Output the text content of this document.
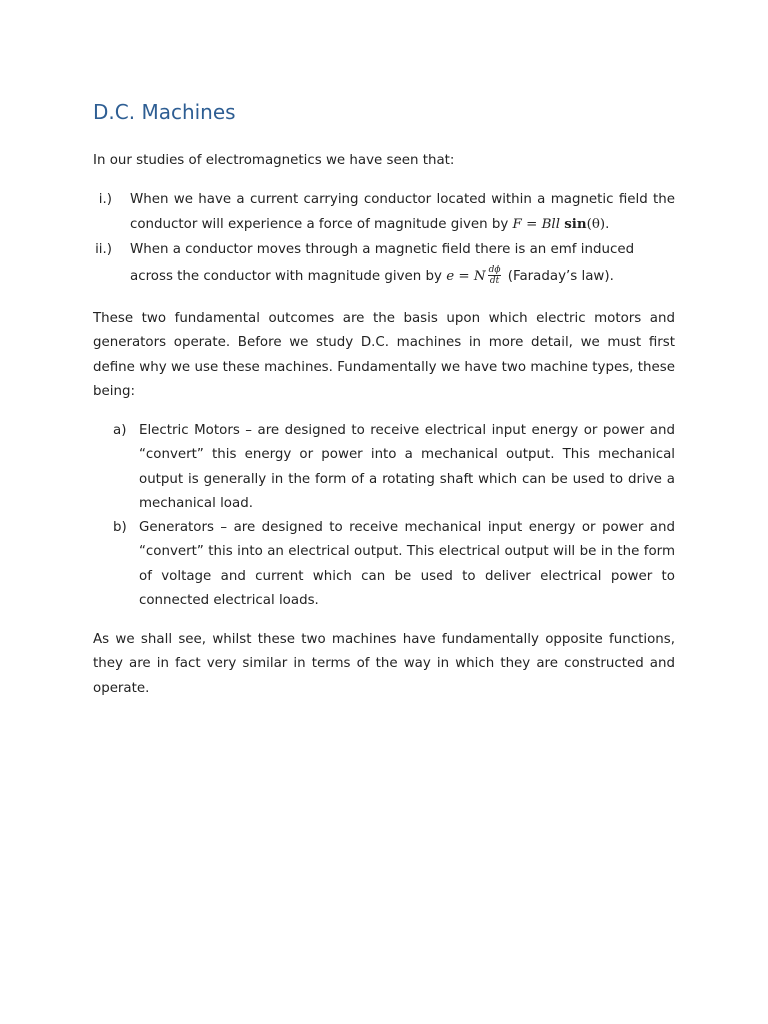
D.C. Machines
In our studies of electromagnetics we have seen that:
i.) When we have a current carrying conductor located within a magnetic field the conductor will experience a force of magnitude given by F = Bll sin(θ).
ii.) When a conductor moves through a magnetic field there is an emf induced
across the conductor with magnitude given by e = N $\frac{d\phi}{dt}$ (Faraday’s law).
These two fundamental outcomes are the basis upon which electric motors and generators operate. Before we study D.C. machines in more detail, we must first define why we use these machines. Fundamentally we have two machine types, these being:
a) Electric Motors – are designed to receive electrical input energy or power and “convert” this energy or power into a mechanical output. This mechanical output is generally in the form of a rotating shaft which can be used to drive a mechanical load.
b) Generators – are designed to receive mechanical input energy or power and “convert” this into an electrical output. This electrical output will be in the form of voltage and current which can be used to deliver electrical power to connected electrical loads.
As we shall see, whilst these two machines have fundamentally opposite functions, they are in fact very similar in terms of the way in which they are constructed and operate.
